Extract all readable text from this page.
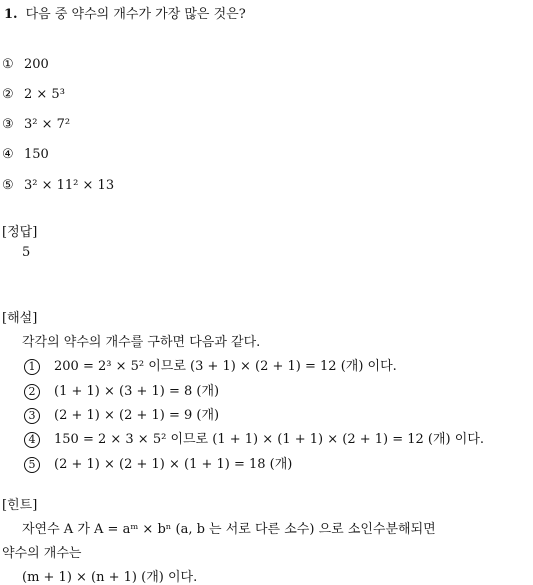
1. 다음 중 약수의 개수가 가장 많은 것은?
① 200
② 2 × 5³
③ 3² × 7²
④ 150
⑤ 3² × 11² × 13
[정답]
5
[해설]
각각의 약수의 개수를 구하면 다음과 같다.
1 200 = 2³ × 5² 이므로 (3 + 1) × (2 + 1) = 12 (개) 이다.
2 (1 + 1) × (3 + 1) = 8 (개)
3 (2 + 1) × (2 + 1) = 9 (개)
4 150 = 2 × 3 × 5² 이므로 (1 + 1) × (1 + 1) × (2 + 1) = 12 (개) 이다.
5 (2 + 1) × (2 + 1) × (1 + 1) = 18 (개)
[힌트]
자연수 A 가 A = aᵐ × bⁿ (a, b 는 서로 다른 소수) 으로 소인수분해되면
약수의 개수는
(m + 1) × (n + 1) (개) 이다.
